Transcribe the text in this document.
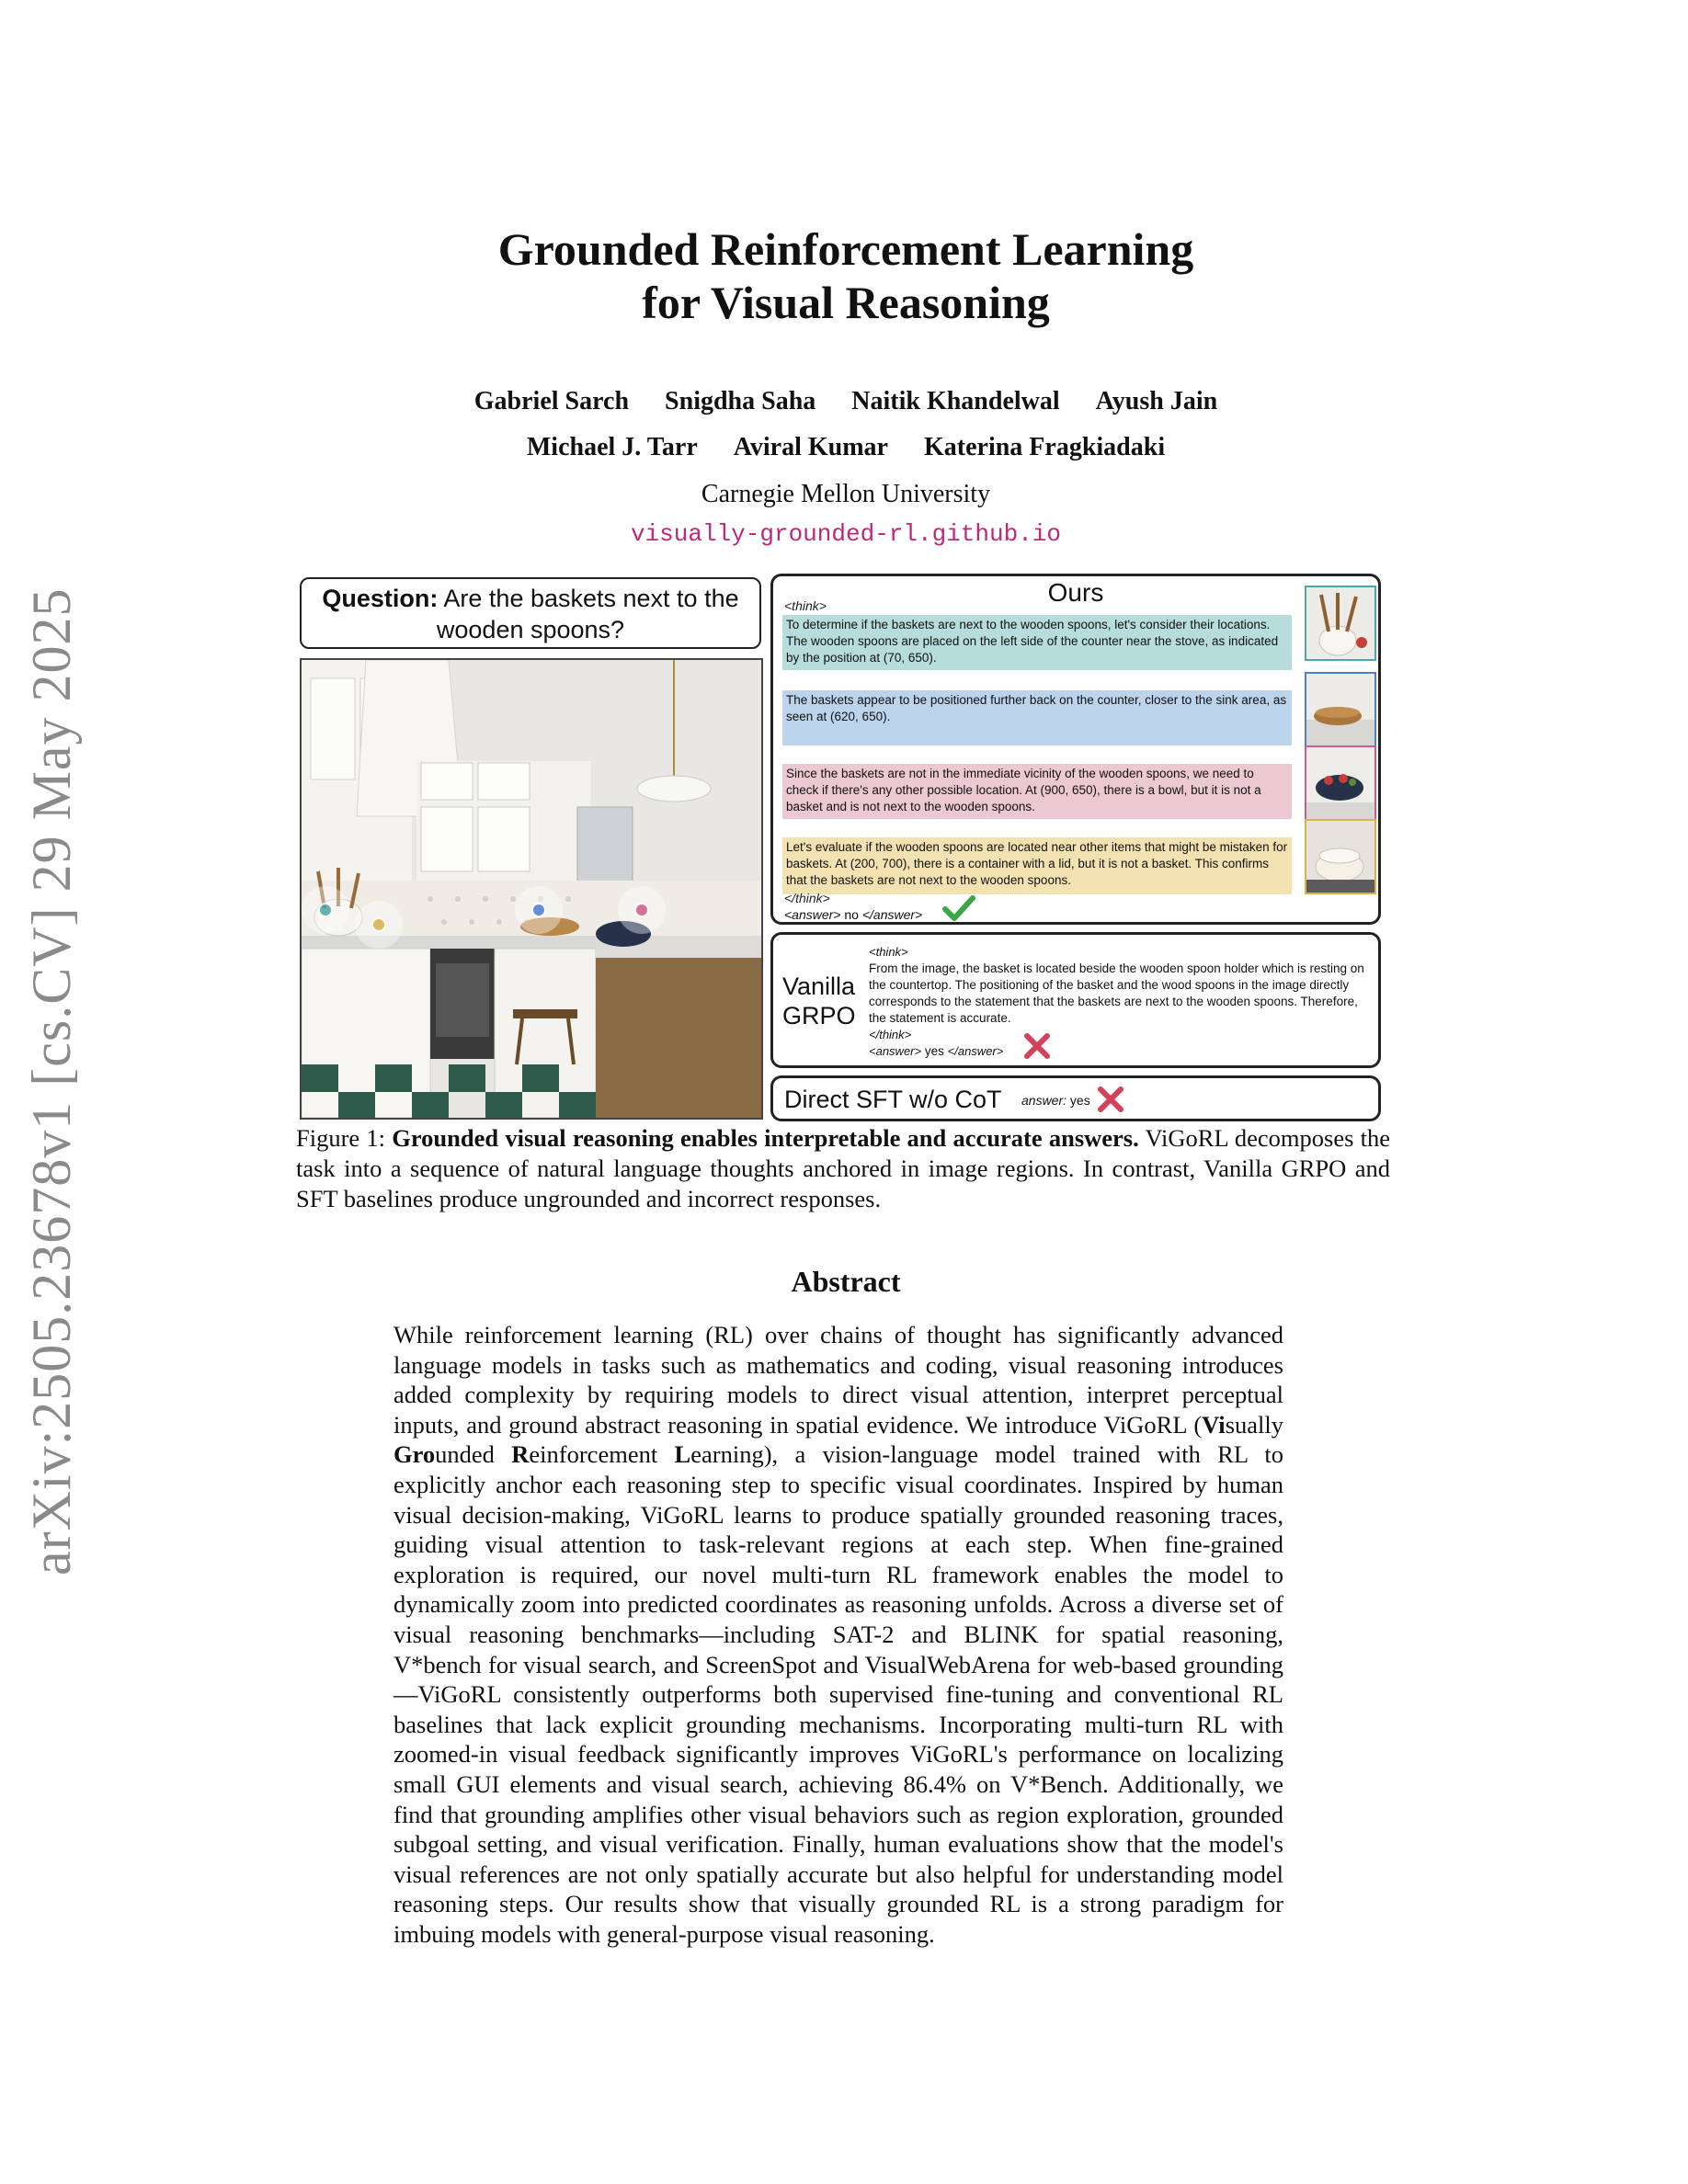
arXiv:2505.23678v1 [cs.CV] 29 May 2025
Grounded Reinforcement Learning
for Visual Reasoning
Gabriel Sarch Snigdha Saha Naitik Khandelwal Ayush Jain
Michael J. Tarr Aviral Kumar Katerina Fragkiadaki
Carnegie Mellon University
visually-grounded-rl.github.io
Question: Are the baskets next to the wooden spoons?
Ours
<think>
To determine if the baskets are next to the wooden spoons, let's consider their locations. The wooden spoons are placed on the left side of the counter near the stove, as indicated by the position at (70, 650).
The baskets appear to be positioned further back on the counter, closer to the sink area, as seen at (620, 650).
Since the baskets are not in the immediate vicinity of the wooden spoons, we need to check if there's any other possible location. At (900, 650), there is a bowl, but it is not a basket and is not next to the wooden spoons.
Let's evaluate if the wooden spoons are located near other items that might be mistaken for baskets. At (200, 700), there is a container with a lid, but it is not a basket. This confirms that the baskets are not next to the wooden spoons.
</think>
<answer> no </answer>
Vanilla
GRPO
<think>
From the image, the basket is located beside the wooden spoon holder which is resting on the countertop. The positioning of the basket and the wood spoons in the image directly corresponds to the statement that the baskets are next to the wooden spoons. Therefore, the statement is accurate.
</think>
<answer> yes </answer>
Direct SFT w/o CoT answer: yes
Figure 1: Grounded visual reasoning enables interpretable and accurate answers. ViGoRL decomposes the task into a sequence of natural language thoughts anchored in image regions. In contrast, Vanilla GRPO and SFT baselines produce ungrounded and incorrect responses.
Abstract
While reinforcement learning (RL) over chains of thought has significantly advanced language models in tasks such as mathematics and coding, visual reasoning introduces added complexity by requiring models to direct visual attention, interpret perceptual inputs, and ground abstract reasoning in spatial evidence. We introduce ViGoRL (Visually Grounded Reinforcement Learning), a vision-language model trained with RL to explicitly anchor each reasoning step to specific visual coordinates. Inspired by human visual decision-making, ViGoRL learns to produce spatially grounded reasoning traces, guiding visual attention to task-relevant regions at each step. When fine-grained exploration is required, our novel multi-turn RL framework enables the model to dynamically zoom into predicted coordinates as reasoning unfolds. Across a diverse set of visual reasoning benchmarks—including SAT-2 and BLINK for spatial reasoning, V*bench for visual search, and ScreenSpot and VisualWebArena for web-based grounding—ViGoRL consistently outperforms both supervised fine-tuning and conventional RL baselines that lack explicit grounding mechanisms. Incorporating multi-turn RL with zoomed-in visual feedback significantly improves ViGoRL's performance on localizing small GUI elements and visual search, achieving 86.4% on V*Bench. Additionally, we find that grounding amplifies other visual behaviors such as region exploration, grounded subgoal setting, and visual verification. Finally, human evaluations show that the model's visual references are not only spatially accurate but also helpful for understanding model reasoning steps. Our results show that visually grounded RL is a strong paradigm for imbuing models with general-purpose visual reasoning.
